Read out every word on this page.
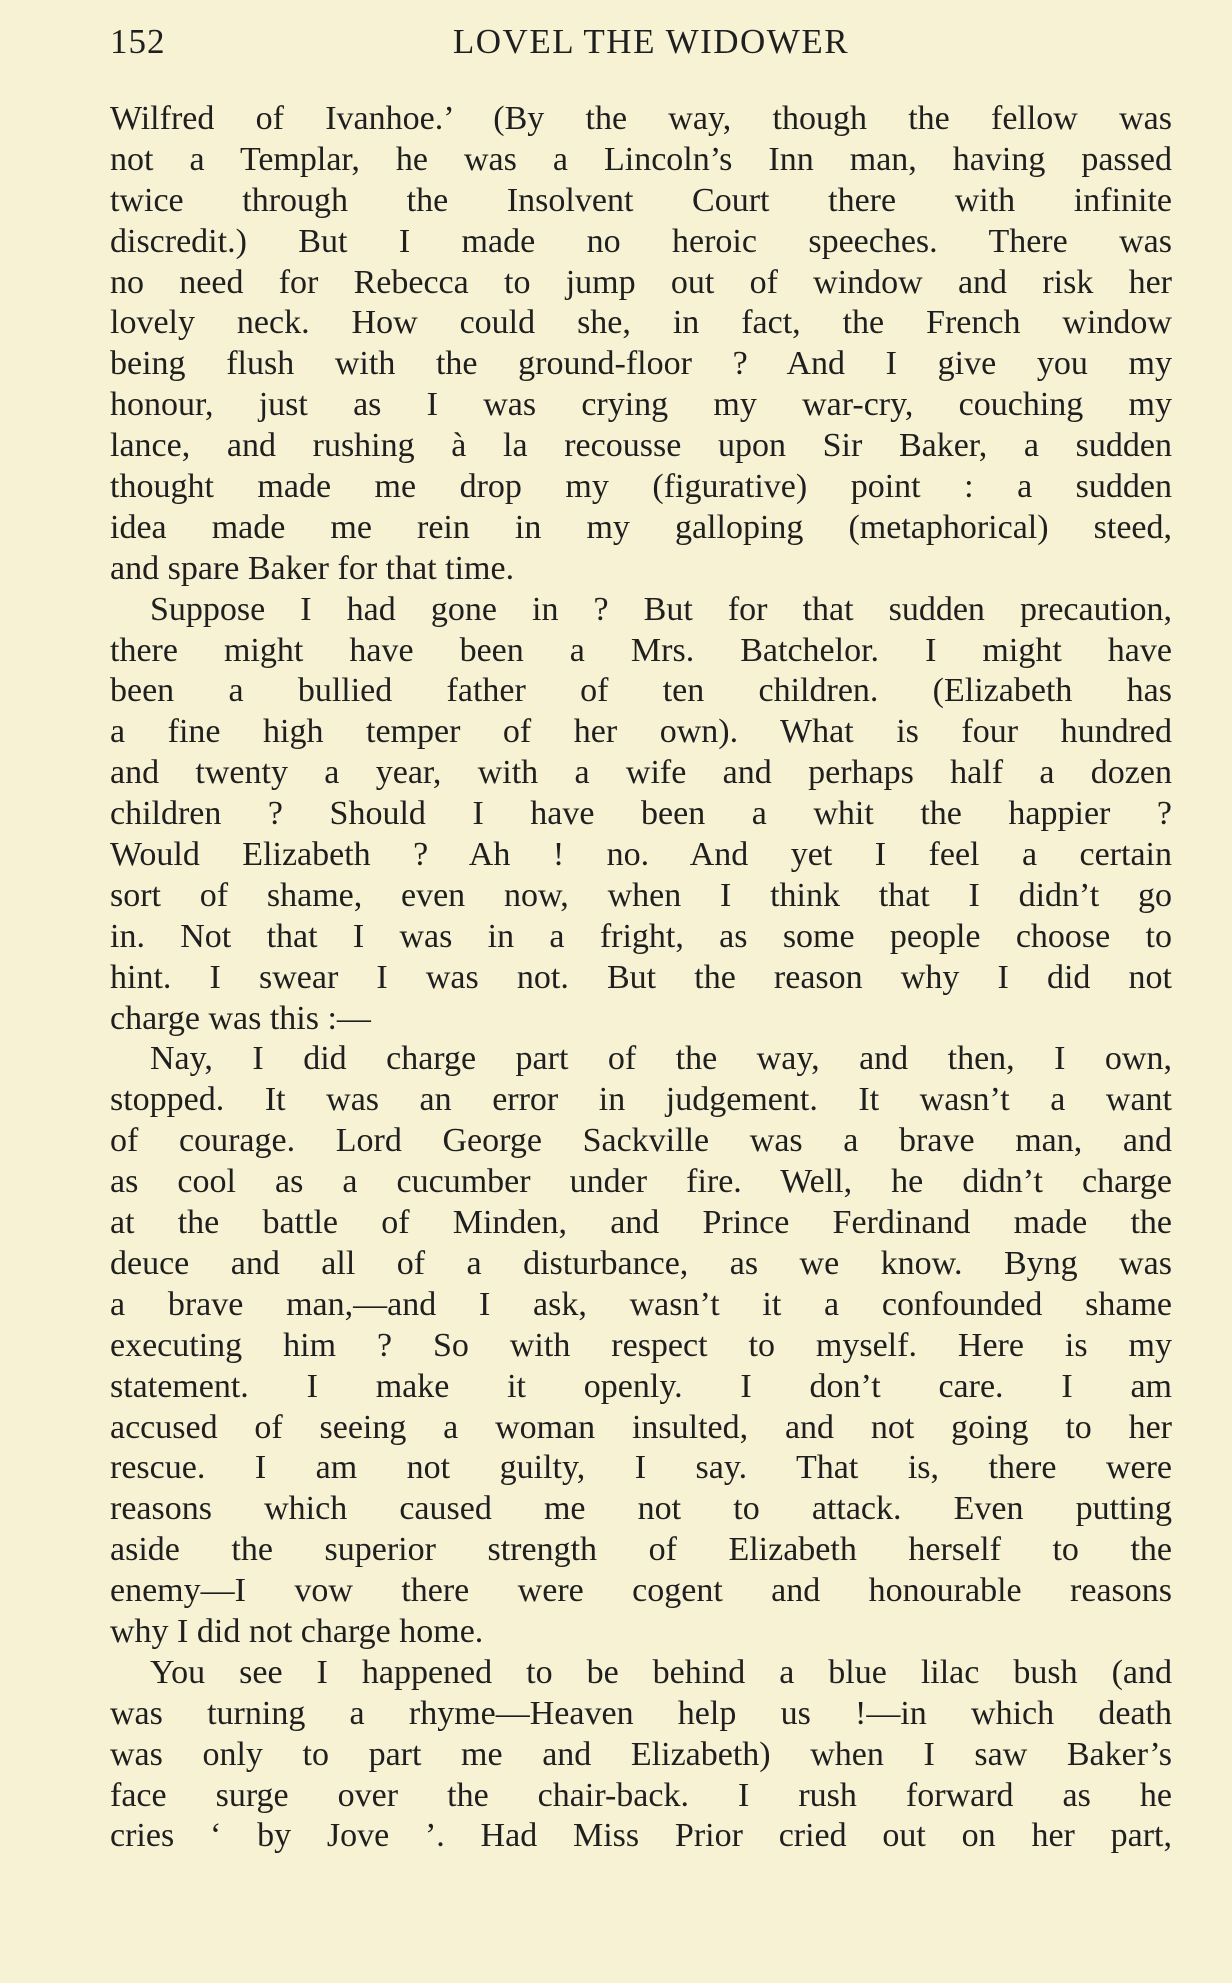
152	LOVEL THE WIDOWER
Wilfred of Ivanhoe.’ (By the way, though the fellow was
not a Templar, he was a Lincoln’s Inn man, having passed
twice through the Insolvent Court there with infinite
discredit.) But I made no heroic speeches. There was
no need for Rebecca to jump out of window and risk her
lovely neck. How could she, in fact, the French window
being flush with the ground-floor ? And I give you my
honour, just as I was crying my war-cry, couching my
lance, and rushing à la recousse upon Sir Baker, a sudden
thought made me drop my (figurative) point : a sudden
idea made me rein in my galloping (metaphorical) steed,
and spare Baker for that time.
Suppose I had gone in ? But for that sudden precaution,
there might have been a Mrs. Batchelor. I might have
been a bullied father of ten children. (Elizabeth has
a fine high temper of her own). What is four hundred
and twenty a year, with a wife and perhaps half a dozen
children ? Should I have been a whit the happier ?
Would Elizabeth ? Ah ! no. And yet I feel a certain
sort of shame, even now, when I think that I didn’t go
in. Not that I was in a fright, as some people choose to
hint. I swear I was not. But the reason why I did not
charge was this :—
Nay, I did charge part of the way, and then, I own,
stopped. It was an error in judgement. It wasn’t a want
of courage. Lord George Sackville was a brave man, and
as cool as a cucumber under fire. Well, he didn’t charge
at the battle of Minden, and Prince Ferdinand made the
deuce and all of a disturbance, as we know. Byng was
a brave man,—and I ask, wasn’t it a confounded shame
executing him ? So with respect to myself. Here is my
statement. I make it openly. I don’t care. I am
accused of seeing a woman insulted, and not going to her
rescue. I am not guilty, I say. That is, there were
reasons which caused me not to attack. Even putting
aside the superior strength of Elizabeth herself to the
enemy—I vow there were cogent and honourable reasons
why I did not charge home.
You see I happened to be behind a blue lilac bush (and
was turning a rhyme—Heaven help us !—in which death
was only to part me and Elizabeth) when I saw Baker’s
face surge over the chair-back. I rush forward as he
cries ‘ by Jove ’. Had Miss Prior cried out on her part,
